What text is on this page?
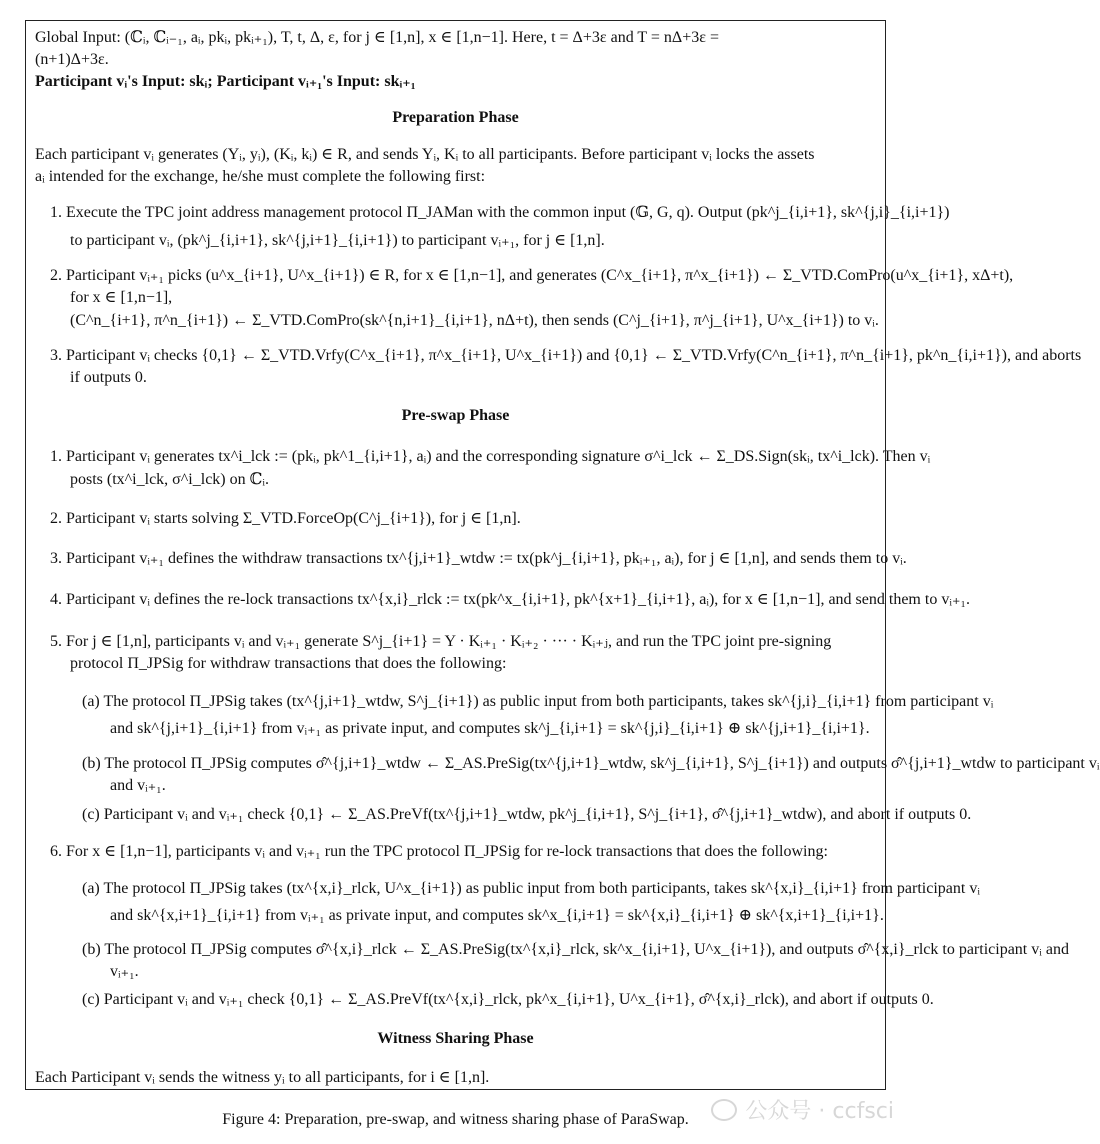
Global Input: (ℂᵢ, ℂᵢ₋₁, aᵢ, pkᵢ, pkᵢ₊₁), T, t, Δ, ε, for j ∈ [1,n], x ∈ [1,n−1]. Here, t = Δ+3ε and T = nΔ+3ε =
(n+1)Δ+3ε.
Participant vᵢ's Input: skᵢ; Participant vᵢ₊₁'s Input: skᵢ₊₁
Preparation Phase
Each participant vᵢ generates (Yᵢ, yᵢ), (Kᵢ, kᵢ) ∈ R, and sends Yᵢ, Kᵢ to all participants. Before participant vᵢ locks the assets
aᵢ intended for the exchange, he/she must complete the following first:
1. Execute the TPC joint address management protocol Π_JAMan with the common input (𝔾, G, q). Output (pk^j_{i,i+1}, sk^{j,i}_{i,i+1})
to participant vᵢ, (pk^j_{i,i+1}, sk^{j,i+1}_{i,i+1}) to participant vᵢ₊₁, for j ∈ [1,n].
2. Participant vᵢ₊₁ picks (u^x_{i+1}, U^x_{i+1}) ∈ R, for x ∈ [1,n−1], and generates (C^x_{i+1}, π^x_{i+1}) ← Σ_VTD.ComPro(u^x_{i+1}, xΔ+t),
for x ∈ [1,n−1],
(C^n_{i+1}, π^n_{i+1}) ← Σ_VTD.ComPro(sk^{n,i+1}_{i,i+1}, nΔ+t), then sends (C^j_{i+1}, π^j_{i+1}, U^x_{i+1}) to vᵢ.
3. Participant vᵢ checks {0,1} ← Σ_VTD.Vrfy(C^x_{i+1}, π^x_{i+1}, U^x_{i+1}) and {0,1} ← Σ_VTD.Vrfy(C^n_{i+1}, π^n_{i+1}, pk^n_{i,i+1}), and aborts
if outputs 0.
Pre-swap Phase
1. Participant vᵢ generates tx^i_lck := (pkᵢ, pk^1_{i,i+1}, aᵢ) and the corresponding signature σ^i_lck ← Σ_DS.Sign(skᵢ, tx^i_lck). Then vᵢ
posts (tx^i_lck, σ^i_lck) on ℂᵢ.
2. Participant vᵢ starts solving Σ_VTD.ForceOp(C^j_{i+1}), for j ∈ [1,n].
3. Participant vᵢ₊₁ defines the withdraw transactions tx^{j,i+1}_wtdw := tx(pk^j_{i,i+1}, pkᵢ₊₁, aᵢ), for j ∈ [1,n], and sends them to vᵢ.
4. Participant vᵢ defines the re-lock transactions tx^{x,i}_rlck := tx(pk^x_{i,i+1}, pk^{x+1}_{i,i+1}, aᵢ), for x ∈ [1,n−1], and send them to vᵢ₊₁.
5. For j ∈ [1,n], participants vᵢ and vᵢ₊₁ generate S^j_{i+1} = Y · Kᵢ₊₁ · Kᵢ₊₂ · ··· · Kᵢ₊ⱼ, and run the TPC joint pre-signing
protocol Π_JPSig for withdraw transactions that does the following:
(a) The protocol Π_JPSig takes (tx^{j,i+1}_wtdw, S^j_{i+1}) as public input from both participants, takes sk^{j,i}_{i,i+1} from participant vᵢ
and sk^{j,i+1}_{i,i+1} from vᵢ₊₁ as private input, and computes sk^j_{i,i+1} = sk^{j,i}_{i,i+1} ⊕ sk^{j,i+1}_{i,i+1}.
(b) The protocol Π_JPSig computes σ̂^{j,i+1}_wtdw ← Σ_AS.PreSig(tx^{j,i+1}_wtdw, sk^j_{i,i+1}, S^j_{i+1}) and outputs σ̂^{j,i+1}_wtdw to participant vᵢ
and vᵢ₊₁.
(c) Participant vᵢ and vᵢ₊₁ check {0,1} ← Σ_AS.PreVf(tx^{j,i+1}_wtdw, pk^j_{i,i+1}, S^j_{i+1}, σ̂^{j,i+1}_wtdw), and abort if outputs 0.
6. For x ∈ [1,n−1], participants vᵢ and vᵢ₊₁ run the TPC protocol Π_JPSig for re-lock transactions that does the following:
(a) The protocol Π_JPSig takes (tx^{x,i}_rlck, U^x_{i+1}) as public input from both participants, takes sk^{x,i}_{i,i+1} from participant vᵢ
and sk^{x,i+1}_{i,i+1} from vᵢ₊₁ as private input, and computes sk^x_{i,i+1} = sk^{x,i}_{i,i+1} ⊕ sk^{x,i+1}_{i,i+1}.
(b) The protocol Π_JPSig computes σ̂^{x,i}_rlck ← Σ_AS.PreSig(tx^{x,i}_rlck, sk^x_{i,i+1}, U^x_{i+1}), and outputs σ̂^{x,i}_rlck to participant vᵢ and
vᵢ₊₁.
(c) Participant vᵢ and vᵢ₊₁ check {0,1} ← Σ_AS.PreVf(tx^{x,i}_rlck, pk^x_{i,i+1}, U^x_{i+1}, σ̂^{x,i}_rlck), and abort if outputs 0.
Witness Sharing Phase
Each Participant vᵢ sends the witness yᵢ to all participants, for i ∈ [1,n].
Figure 4: Preparation, pre-swap, and witness sharing phase of ParaSwap.	公众号 · ccfsci
